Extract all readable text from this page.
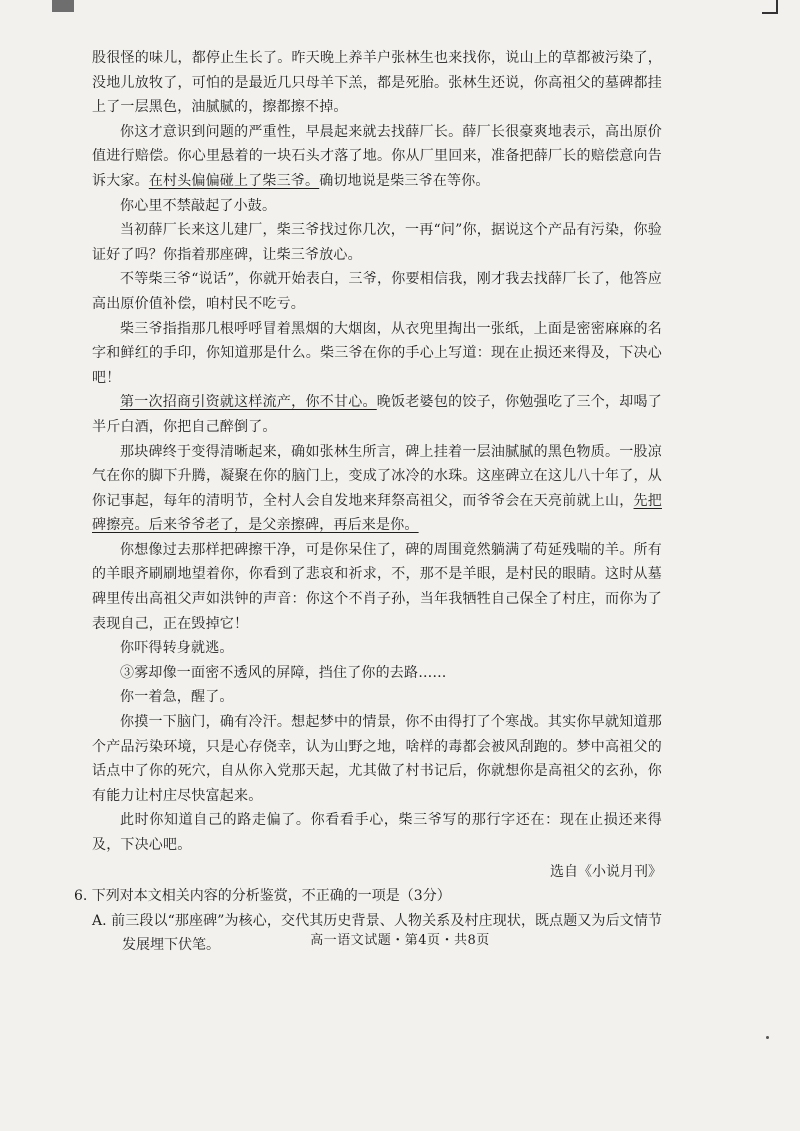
股很怪的味儿，都停止生长了。昨天晚上养羊户张林生也来找你，说山上的草都被污染了，没地儿放牧了，可怕的是最近几只母羊下羔，都是死胎。张林生还说，你高祖父的墓碑都挂上了一层黑色，油腻腻的，擦都擦不掉。

你这才意识到问题的严重性，早晨起来就去找薛厂长。薛厂长很豪爽地表示，高出原价值进行赔偿。你心里悬着的一块石头才落了地。你从厂里回来，准备把薛厂长的赔偿意向告诉大家。在村头偏偏碰上了柴三爷。确切地说是柴三爷在等你。

你心里不禁敲起了小鼓。

当初薛厂长来这儿建厂，柴三爷找过你几次，一再“问”你，据说这个产品有污染，你验证好了吗？你指着那座碑，让柴三爷放心。

不等柴三爷“说话”，你就开始表白，三爷，你要相信我，刚才我去找薛厂长了，他答应高出原价值补偿，咱村民不吃亏。

柴三爷指指那几根呼呼冒着黑烟的大烟囱，从衣兜里掏出一张纸，上面是密密麻麻的名字和鲜红的手印，你知道那是什么。柴三爷在你的手心上写道：现在止损还来得及，下决心吧！

第一次招商引资就这样流产，你不甘心。晚饭老婆包的饺子，你勉强吃了三个，却喝了半斤白酒，你把自己醉倒了。

那块碑终于变得清晰起来，确如张林生所言，碑上挂着一层油腻腻的黑色物质。一股凉气在你的脚下升腾，凝聚在你的脑门上，变成了冰冷的水珠。这座碑立在这儿八十年了，从你记事起，每年的清明节，全村人会自发地来拜祭高祖父，而爷爷会在天亮前就上山，先把碑擦亮。后来爷爷老了，是父亲擦碑，再后来是你。

你想像过去那样把碑擦干净，可是你呆住了，碑的周围竟然躺满了苟延残喘的羊。所有的羊眼齐刷刷地望着你，你看到了悲哀和祈求，不，那不是羊眼，是村民的眼睛。这时从墓碑里传出高祖父声如洪钟的声音：你这个不肖子孙，当年我牺牲自己保全了村庄，而你为了表现自己，正在毁掉它！

你吓得转身就逃。

③雾却像一面密不透风的屏障，挡住了你的去路……

你一着急，醒了。

你摸一下脑门，确有冷汗。想起梦中的情景，你不由得打了个寒战。其实你早就知道那个产品污染环境，只是心存侥幸，认为山野之地，啥样的毒都会被风刮跑的。梦中高祖父的话点中了你的死穴，自从你入党那天起，尤其做了村书记后，你就想你是高祖父的玄孙，你有能力让村庄尽快富起来。

此时你知道自己的路走偏了。你看看手心，柴三爷写的那行字还在：现在止损还来得及，下决心吧。

选自《小说月刊》

6. 下列对本文相关内容的分析鉴赏，不正确的一项是（3分）

A. 前三段以“那座碑”为核心，交代其历史背景、人物关系及村庄现状，既点题又为后文情节发展埋下伏笔。	高一语文试题・第4页・共8页
